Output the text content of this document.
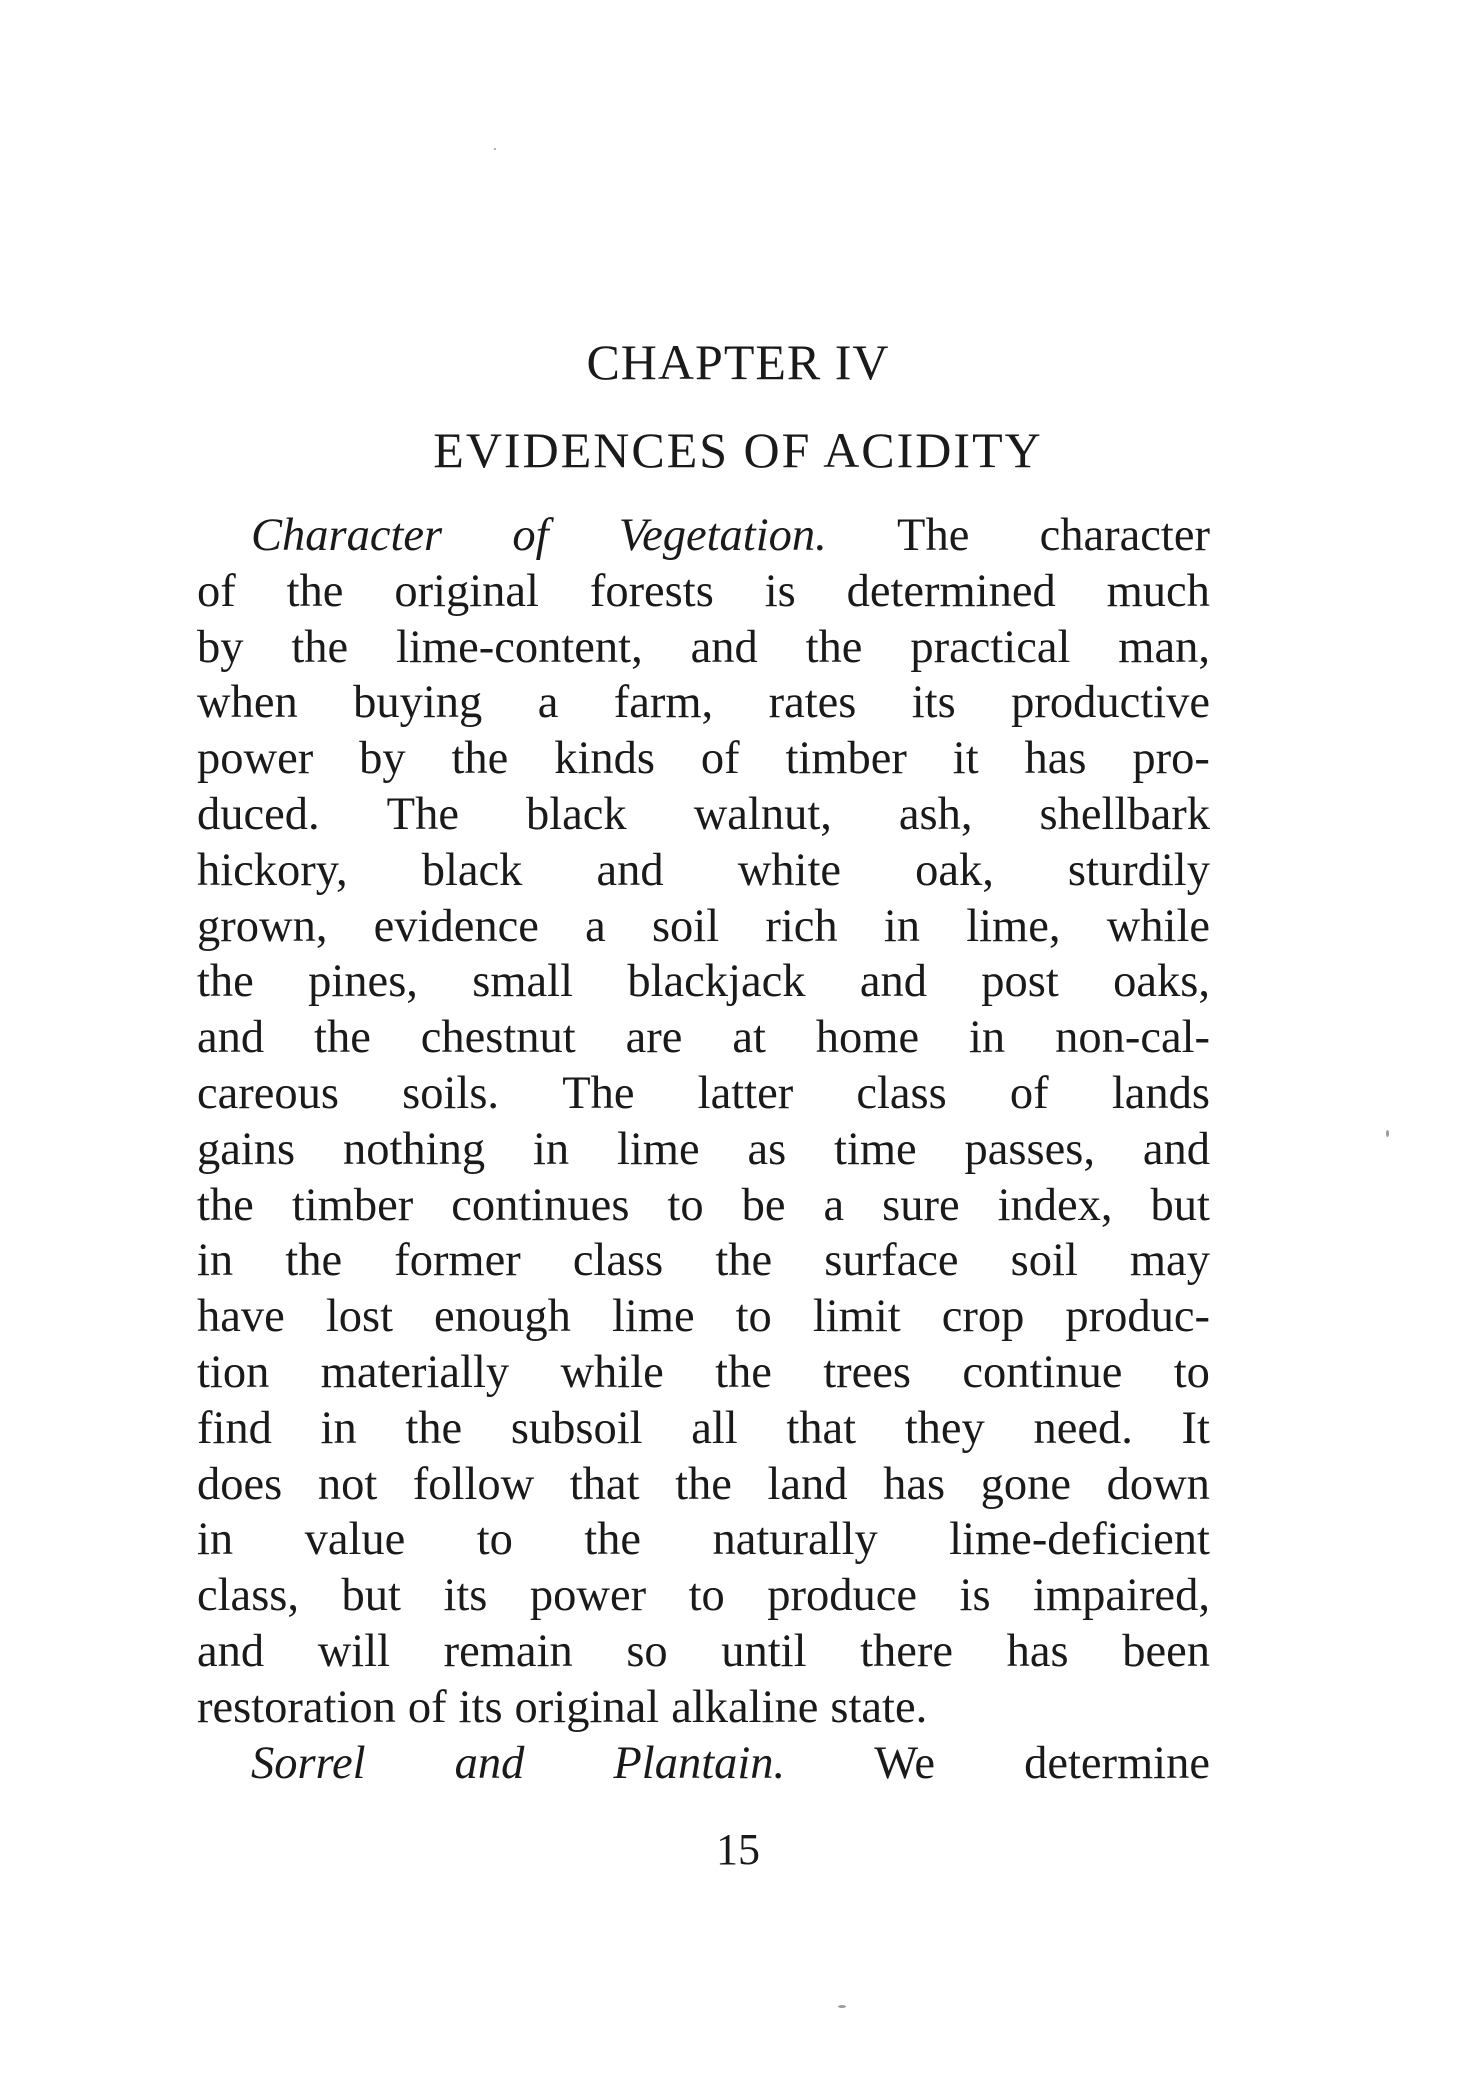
CHAPTER IV
EVIDENCES OF ACIDITY
Character of Vegetation. The character
of the original forests is determined much
by the lime-content, and the practical man,
when buying a farm, rates its productive
power by the kinds of timber it has pro-
duced. The black walnut, ash, shellbark
hickory, black and white oak, sturdily
grown, evidence a soil rich in lime, while
the pines, small blackjack and post oaks,
and the chestnut are at home in non-cal-
careous soils. The latter class of lands
gains nothing in lime as time passes, and
the timber continues to be a sure index, but
in the former class the surface soil may
have lost enough lime to limit crop produc-
tion materially while the trees continue to
find in the subsoil all that they need. It
does not follow that the land has gone down
in value to the naturally lime-deficient
class, but its power to produce is impaired,
and will remain so until there has been
restoration of its original alkaline state.
Sorrel and Plantain. We determine
15
